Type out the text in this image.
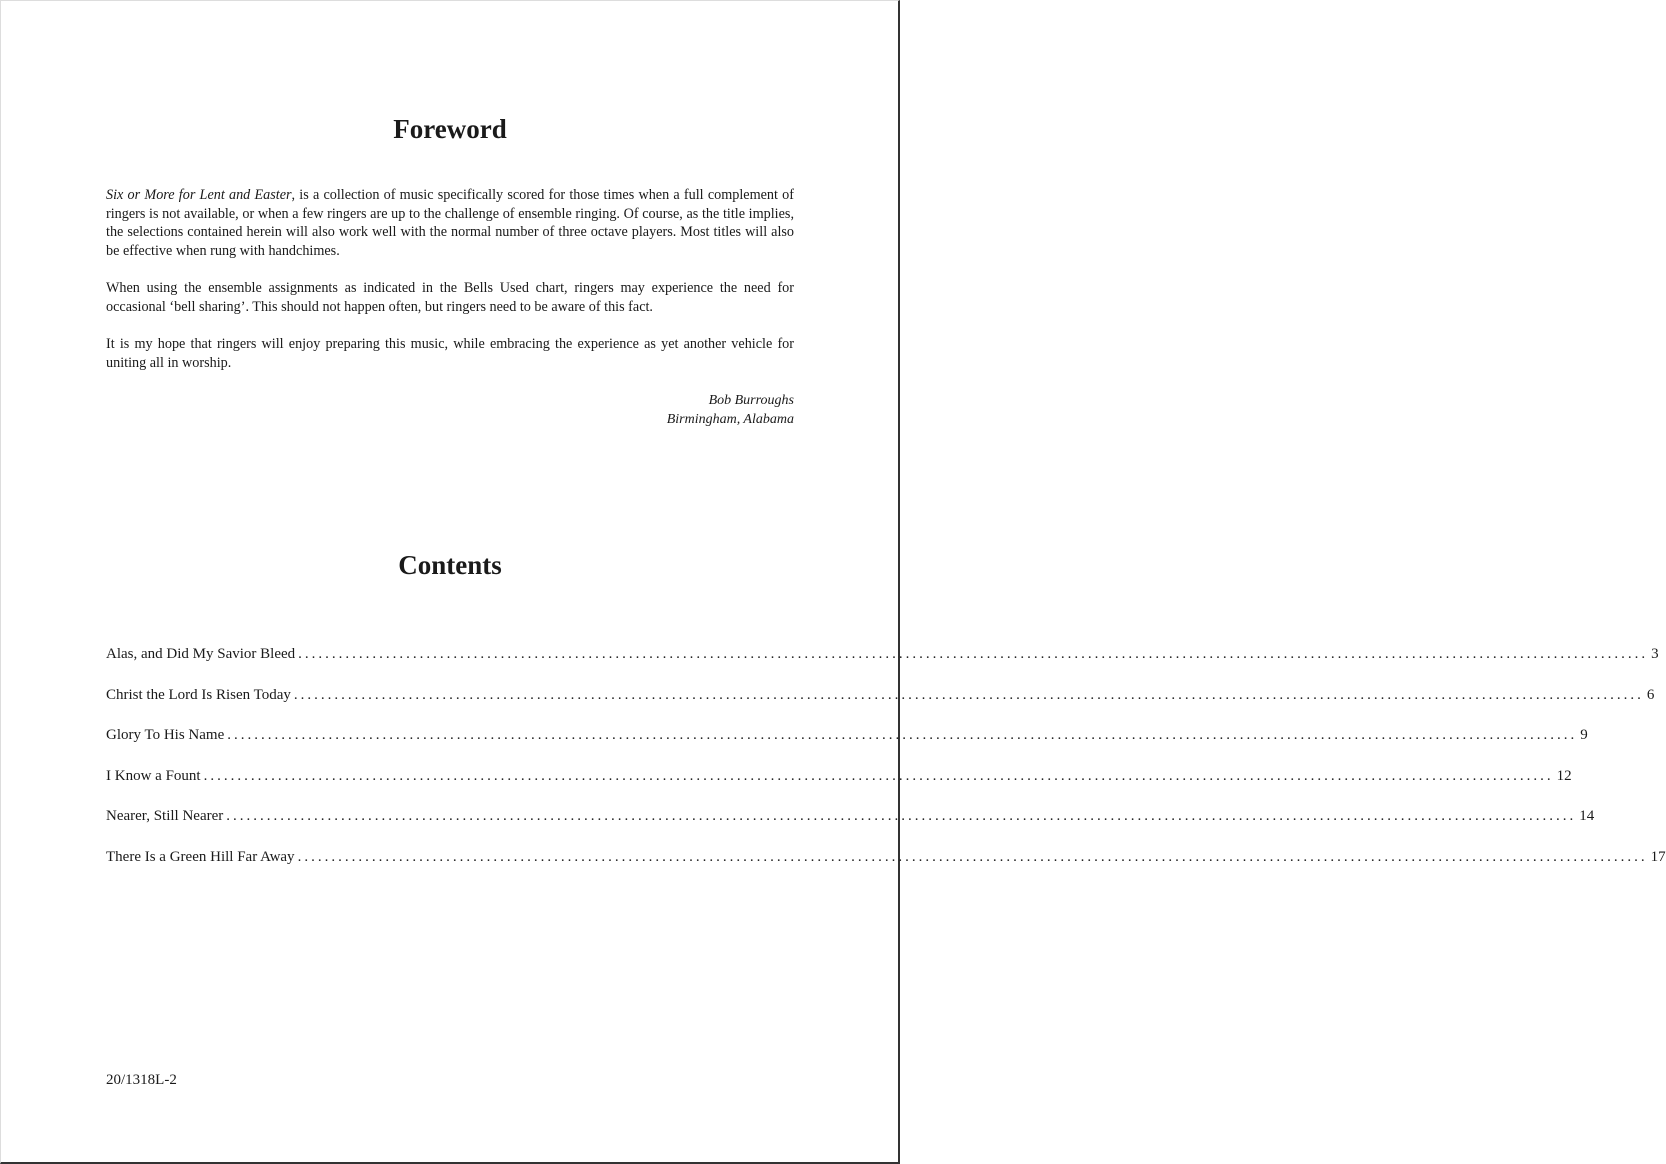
Foreword

Six or More for Lent and Easter, is a collection of music specifically scored for those times when a full complement of ringers is not available, or when a few ringers are up to the challenge of ensemble ringing. Of course, as the title implies, the selections contained herein will also work well with the normal number of three octave players. Most titles will also be effective when rung with handchimes.

When using the ensemble assignments as indicated in the Bells Used chart, ringers may experience the need for occasional ‘bell sharing’. This should not happen often, but ringers need to be aware of this fact.

It is my hope that ringers will enjoy preparing this music, while embracing the experience as yet another vehicle for uniting all in worship.

Bob Burroughs
Birmingham, Alabama
Contents
Alas, and Did My Savior Bleed ........................................................................................................................................................................................................ 3
Christ the Lord Is Risen Today ........................................................................................................................................................................................................ 6
Glory To His Name ........................................................................................................................................................................................................ 9
I Know a Fount ........................................................................................................................................................................................................ 12
Nearer, Still Nearer ........................................................................................................................................................................................................ 14
There Is a Green Hill Far Away ........................................................................................................................................................................................................ 17
20/1318L-2
